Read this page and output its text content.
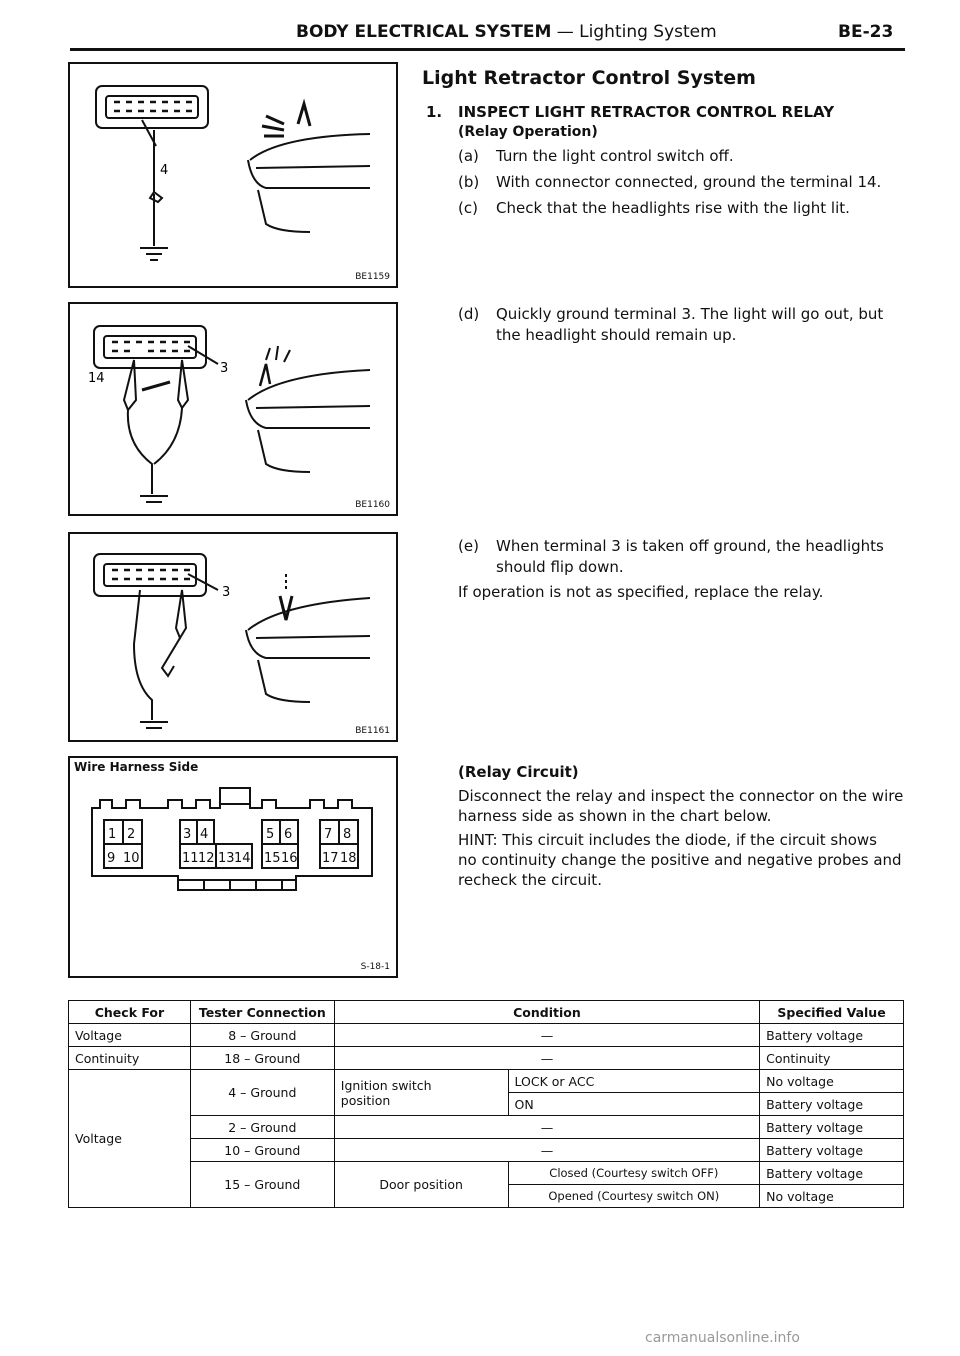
BODY ELECTRICAL SYSTEM — Lighting System	BE-23
4
BE1159
3
14
BE1160
3
BE1161
Wire Harness Side
1 2	3 4	5 6 7 8
9 10	11 12 13 14 15 16 17 18
S-18-1
Light Retractor Control System
1. INSPECT LIGHT RETRACTOR CONTROL RELAY
(Relay Operation)
(a) Turn the light control switch off.
(b) With connector connected, ground the terminal 14.
(c) Check that the headlights rise with the light lit.
(d) Quickly ground terminal 3. The light will go out, but
the headlight should remain up.
(e) When terminal 3 is taken off ground, the headlights
should flip down.
If operation is not as specified, replace the relay.
(Relay Circuit)
Disconnect the relay and inspect the connector on the wire
harness side as shown in the chart below.
HINT: This circuit includes the diode, if the circuit shows
no continuity change the positive and negative probes and
recheck the circuit.
Check For	Tester Connection	Condition		Specified Value
Voltage	8 – Ground	—		Battery voltage
Continuity	18 – Ground	—		Continuity
Voltage	4 – Ground	Ignition switch
position	LOCK or ACC	No voltage
			ON	Battery voltage
	2 – Ground	—		Battery voltage
	10 – Ground	—		Battery voltage
	15 – Ground	Door position	Closed (Courtesy switch OFF)	Battery voltage
			Opened (Courtesy switch ON)	No voltage
carmanualsonline.info
